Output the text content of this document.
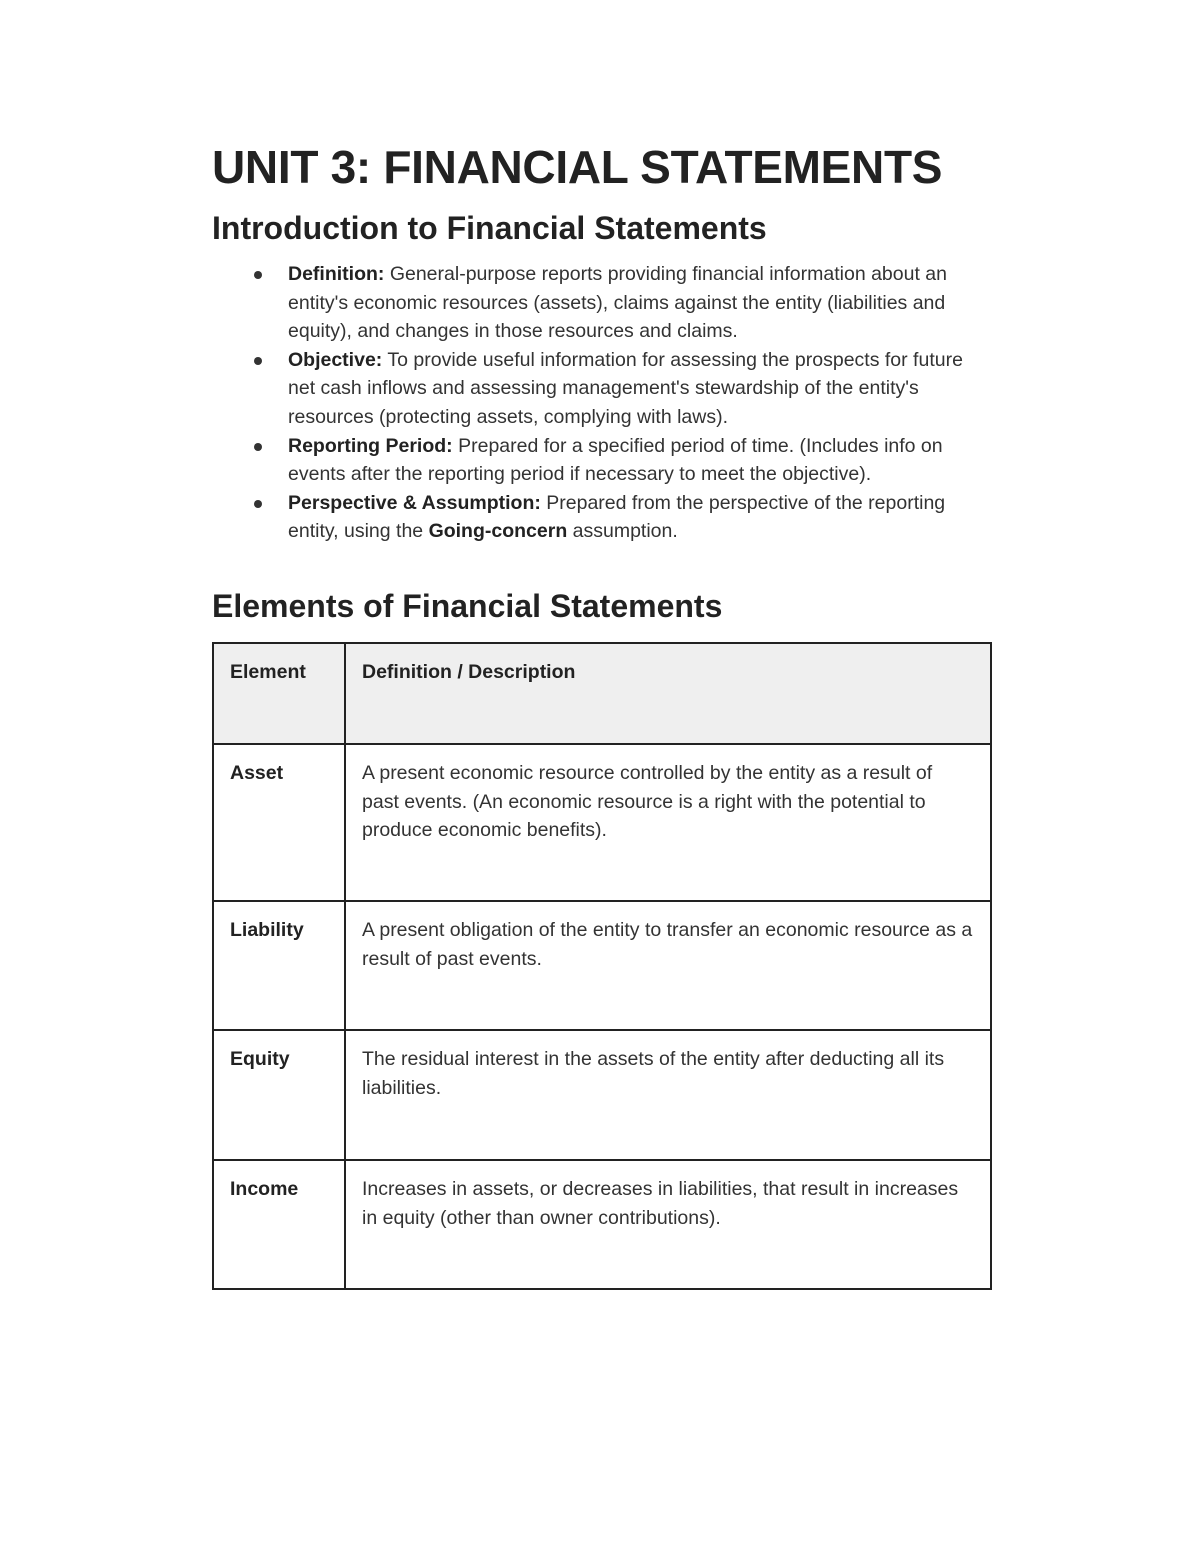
UNIT 3: FINANCIAL STATEMENTS
Introduction to Financial Statements
Definition: General-purpose reports providing financial information about an entity's economic resources (assets), claims against the entity (liabilities and equity), and changes in those resources and claims.
Objective: To provide useful information for assessing the prospects for future net cash inflows and assessing management's stewardship of the entity's resources (protecting assets, complying with laws).
Reporting Period: Prepared for a specified period of time. (Includes info on events after the reporting period if necessary to meet the objective).
Perspective & Assumption: Prepared from the perspective of the reporting entity, using the Going-concern assumption.
Elements of Financial Statements
Element	Definition / Description
Asset	A present economic resource controlled by the entity as a result of past events. (An economic resource is a right with the potential to produce economic benefits).
Liability	A present obligation of the entity to transfer an economic resource as a result of past events.
Equity	The residual interest in the assets of the entity after deducting all its liabilities.
Income	Increases in assets, or decreases in liabilities, that result in increases in equity (other than owner contributions).
